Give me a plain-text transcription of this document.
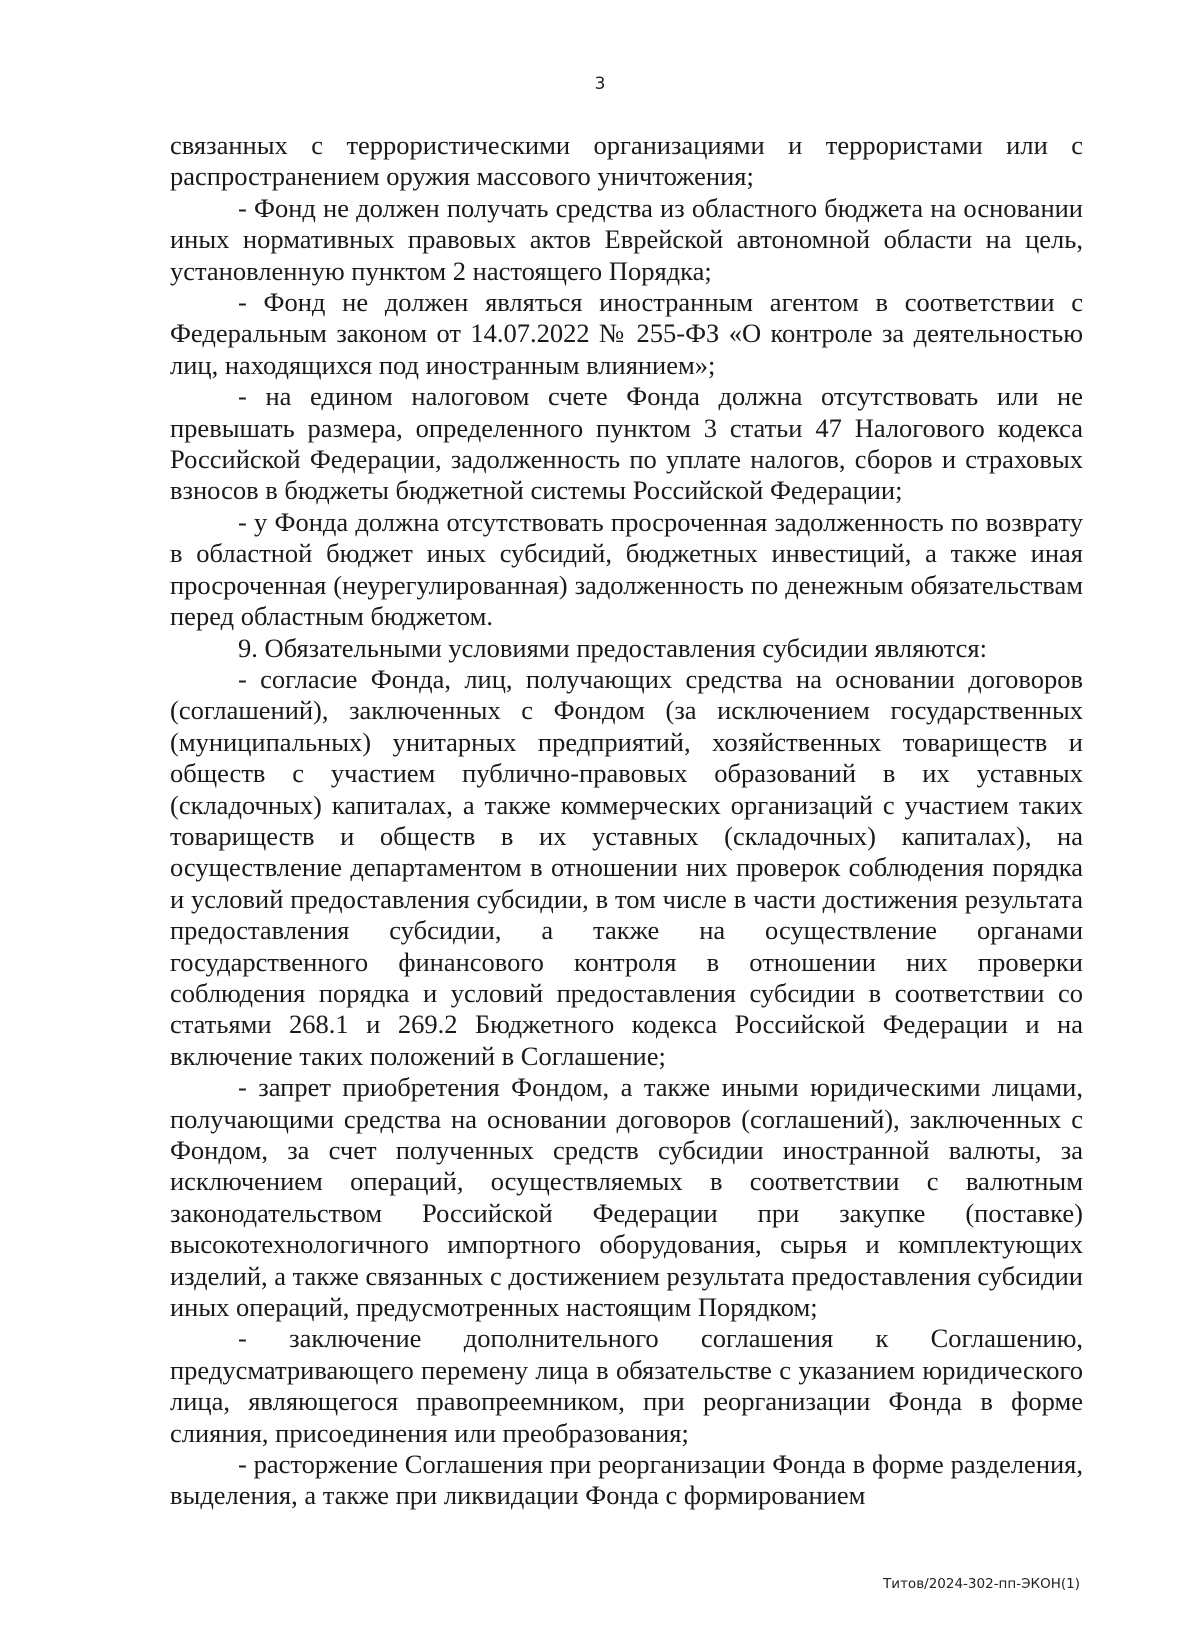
3

связанных с террористическими организациями и террористами или с распространением оружия массового уничтожения;

- Фонд не должен получать средства из областного бюджета на основании иных нормативных правовых актов Еврейской автономной области на цель, установленную пунктом 2 настоящего Порядка;

- Фонд не должен являться иностранным агентом в соответствии с Федеральным законом от 14.07.2022 № 255-ФЗ «О контроле за деятельностью лиц, находящихся под иностранным влиянием»;

- на едином налоговом счете Фонда должна отсутствовать или не превышать размера, определенного пунктом 3 статьи 47 Налогового кодекса Российской Федерации, задолженность по уплате налогов, сборов и страховых взносов в бюджеты бюджетной системы Российской Федерации;

- у Фонда должна отсутствовать просроченная задолженность по возврату в областной бюджет иных субсидий, бюджетных инвестиций, а также иная просроченная (неурегулированная) задолженность по денежным обязательствам перед областным бюджетом.

9. Обязательными условиями предоставления субсидии являются:

- согласие Фонда, лиц, получающих средства на основании договоров (соглашений), заключенных с Фондом (за исключением государственных (муниципальных) унитарных предприятий, хозяйственных товариществ и обществ с участием публично-правовых образований в их уставных (складочных) капиталах, а также коммерческих организаций с участием таких товариществ и обществ в их уставных (складочных) капиталах), на осуществление департаментом в отношении них проверок соблюдения порядка и условий предоставления субсидии, в том числе в части достижения результата предоставления субсидии, а также на осуществление органами государственного финансового контроля в отношении них проверки соблюдения порядка и условий предоставления субсидии в соответствии со статьями 268.1 и 269.2 Бюджетного кодекса Российской Федерации и на включение таких положений в Соглашение;

- запрет приобретения Фондом, а также иными юридическими лицами, получающими средства на основании договоров (соглашений), заключенных с Фондом, за счет полученных средств субсидии иностранной валюты, за исключением операций, осуществляемых в соответствии с валютным законодательством Российской Федерации при закупке (поставке) высокотехнологичного импортного оборудования, сырья и комплектующих изделий, а также связанных с достижением результата предоставления субсидии иных операций, предусмотренных настоящим Порядком;

- заключение дополнительного соглашения к Соглашению, предусматривающего перемену лица в обязательстве с указанием юридического лица, являющегося правопреемником, при реорганизации Фонда в форме слияния, присоединения или преобразования;

- расторжение Соглашения при реорганизации Фонда в форме разделения, выделения, а также при ликвидации Фонда с формированием

Титов/2024-302-пп-ЭКОН(1)
